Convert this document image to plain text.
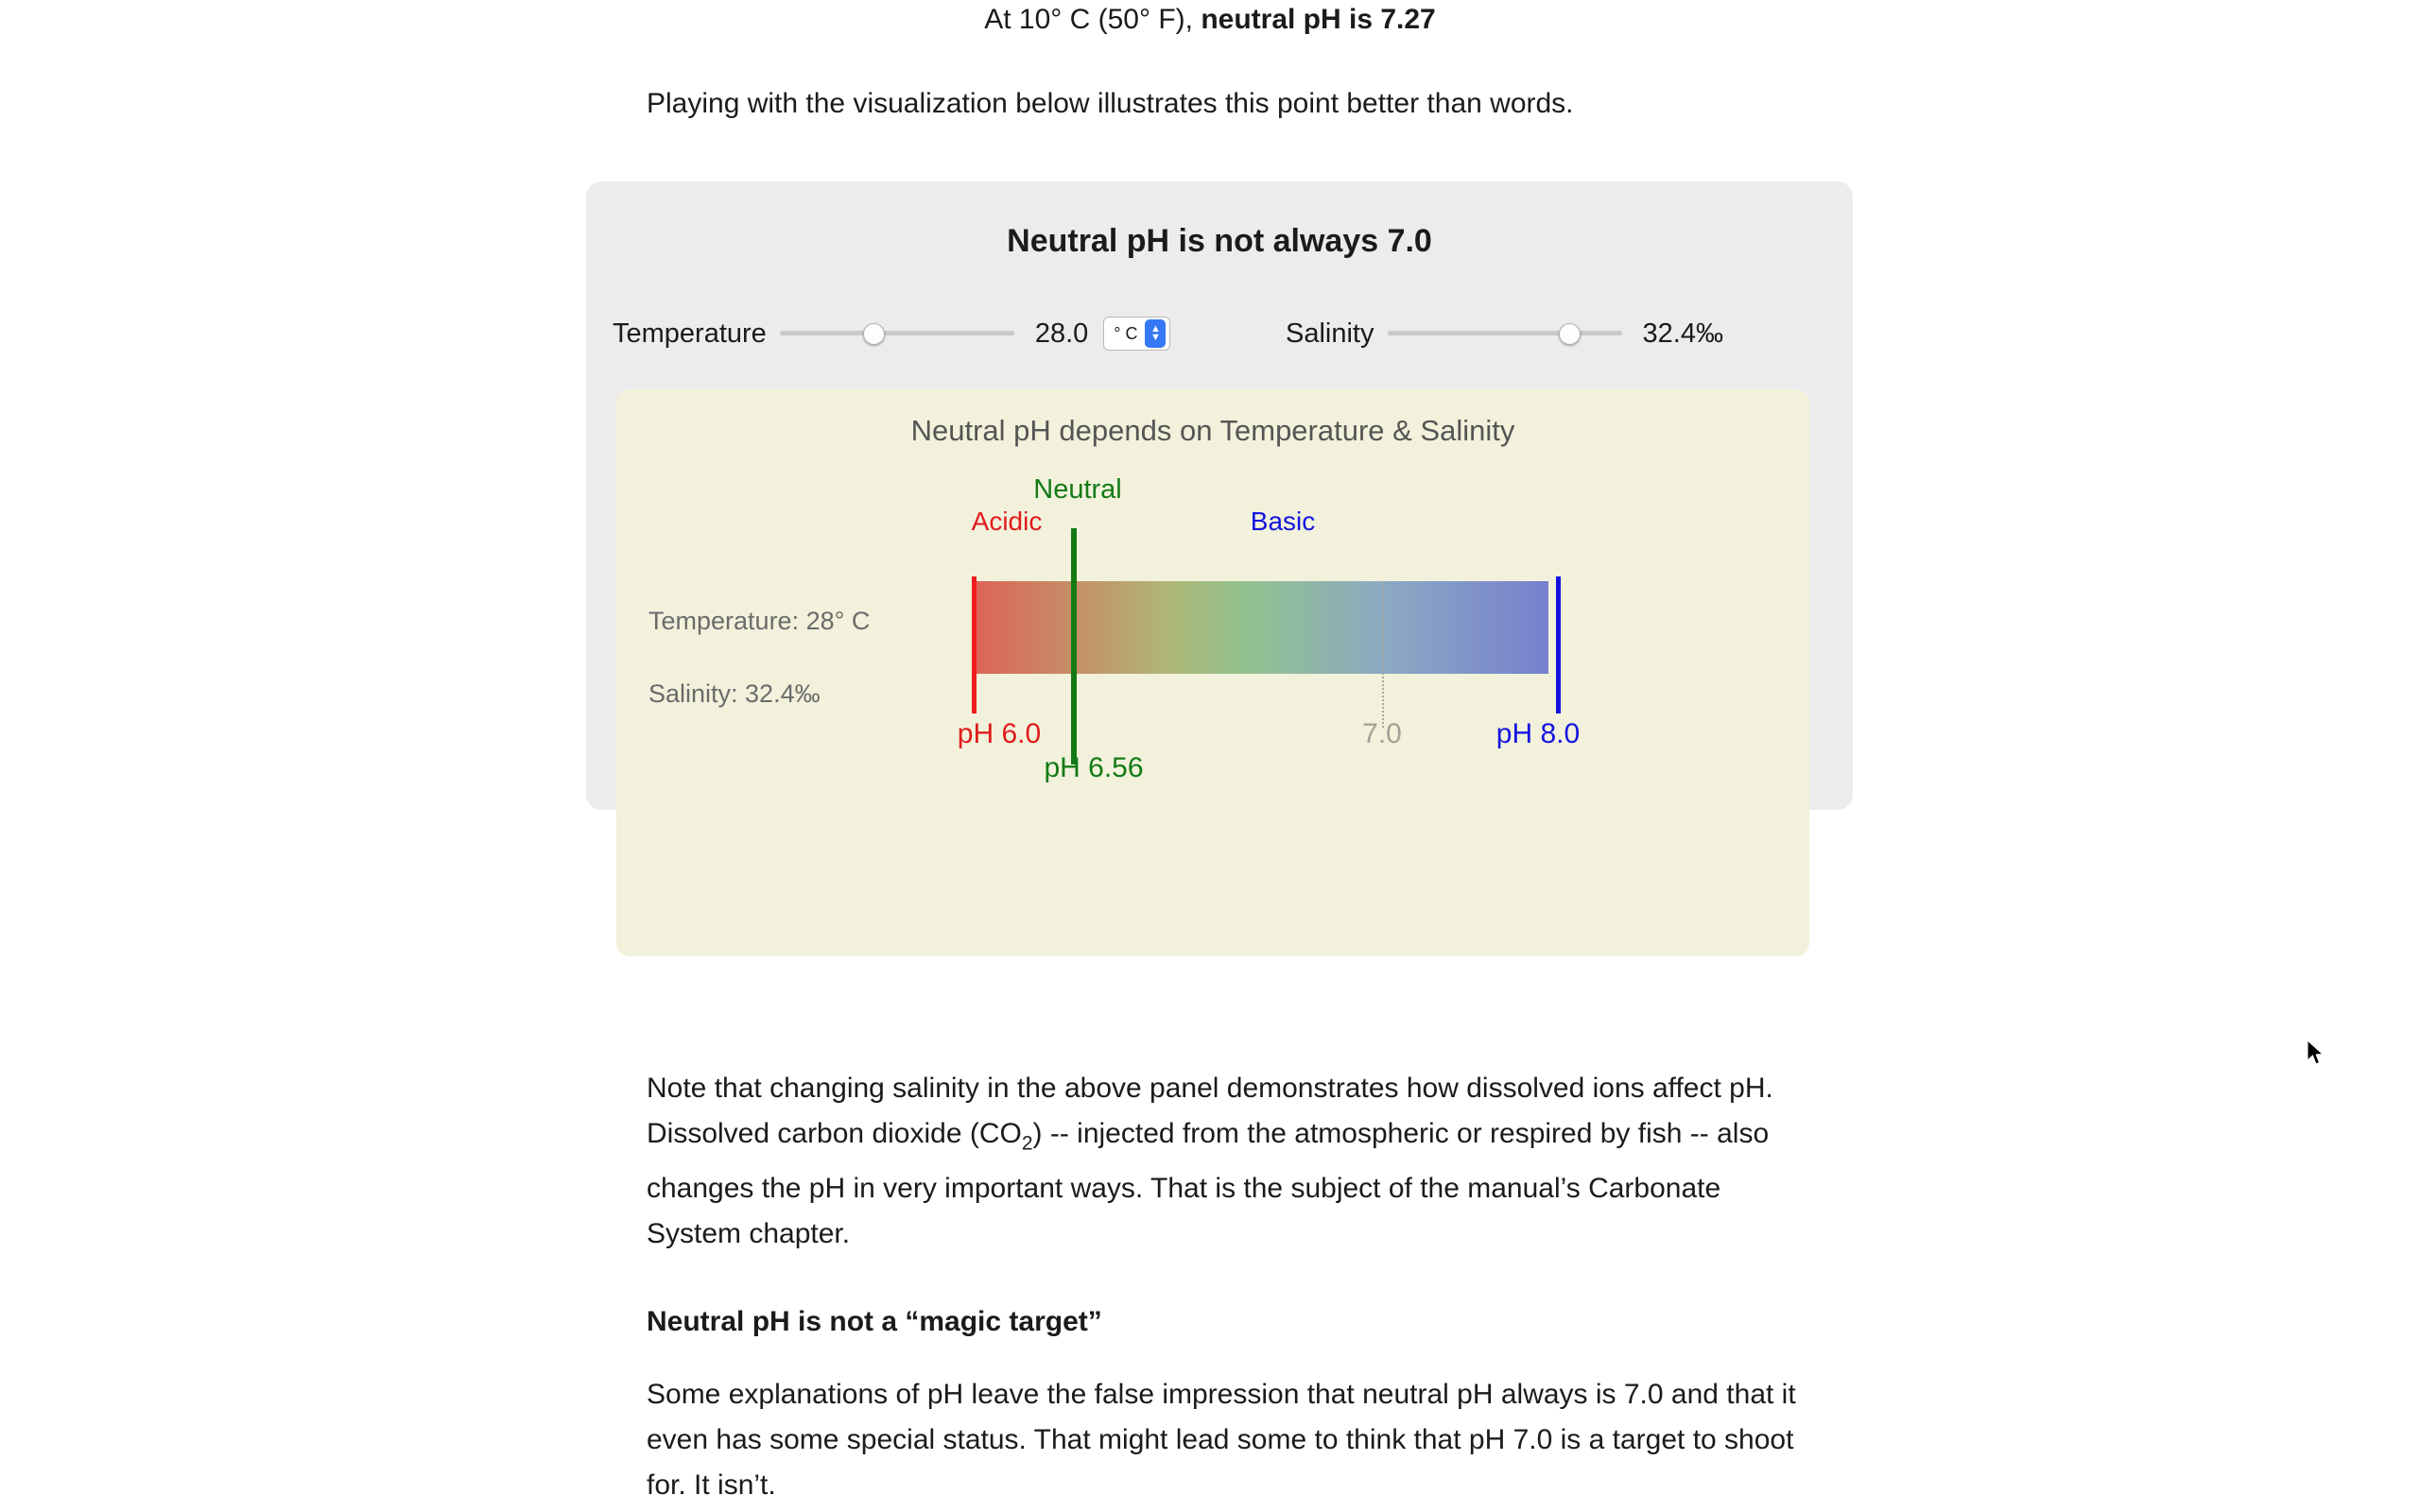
At 10° C (50° F), neutral pH is 7.27
Playing with the visualization below illustrates this point better than words.
Neutral pH is not always 7.0
Temperature	28.0 ° C ▲
▼	Salinity	32.4‰
Neutral pH depends on Temperature & Salinity
Temperature: 28° C
Salinity: 32.4‰
Neutral
Acidic	Basic
pH 6.0
pH 6.56
7.0	pH 8.0
Note that changing salinity in the above panel demonstrates how dissolved ions affect pH. Dissolved carbon dioxide $(CO_2)$ -- injected from the atmospheric or respired by fish -- also changes the pH in very important ways. That is the subject of the manual’s Carbonate System chapter.
Neutral pH is not a “magic target”
Some explanations of pH leave the false impression that neutral pH always is 7.0 and that it even has some special status. That might lead some to think that pH 7.0 is a target to shoot for. It isn’t.
